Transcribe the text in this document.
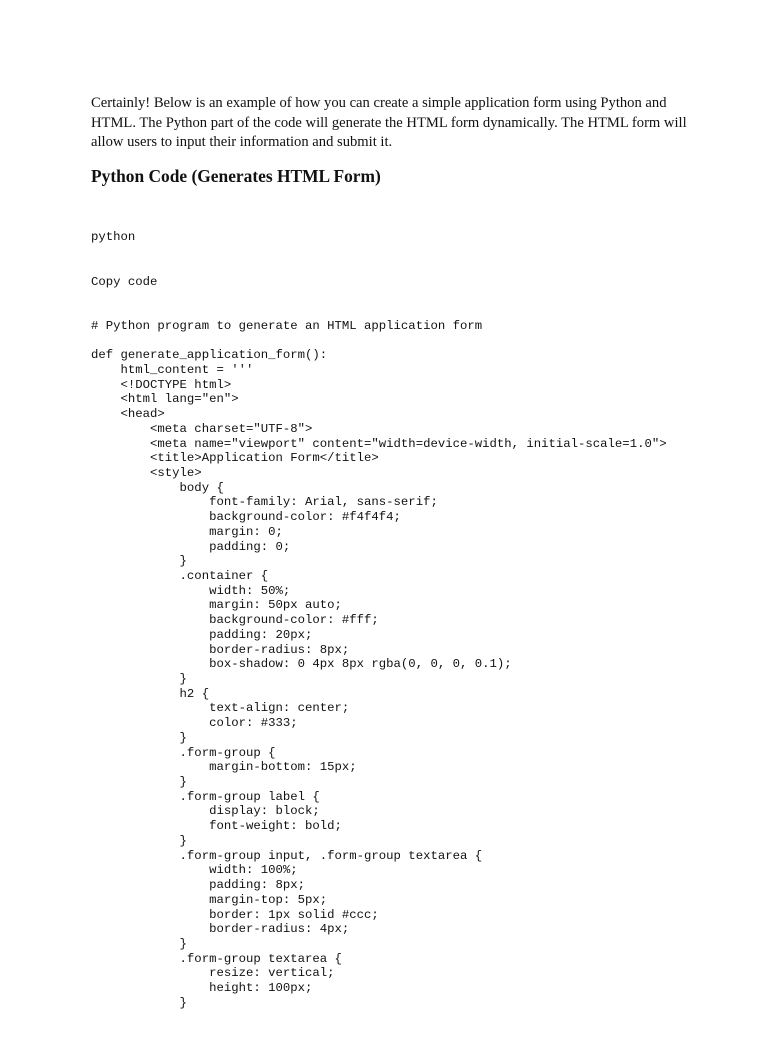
Certainly! Below is an example of how you can create a simple application form using Python and HTML. The Python part of the code will generate the HTML form dynamically. The HTML form will allow users to input their information and submit it.

Python Code (Generates HTML Form)

python

Copy code

# Python program to generate an HTML application form
def generate_application_form():
html_content = '''
<!DOCTYPE html>
<html lang="en">
<head>
<meta charset="UTF-8">
<meta name="viewport" content="width=device-width, initial-scale=1.0">
<title>Application Form</title>
<style>
body {
font-family: Arial, sans-serif;
background-color: #f4f4f4;
margin: 0;
padding: 0;
}
.container {
width: 50%;
margin: 50px auto;
background-color: #fff;
padding: 20px;
border-radius: 8px;
box-shadow: 0 4px 8px rgba(0, 0, 0, 0.1);
}
h2 {
text-align: center;
color: #333;
}
.form-group {
margin-bottom: 15px;
}
.form-group label {
display: block;
font-weight: bold;
}
.form-group input, .form-group textarea {
width: 100%;
padding: 8px;
margin-top: 5px;
border: 1px solid #ccc;
border-radius: 4px;
}
.form-group textarea {
resize: vertical;
height: 100px;
}
